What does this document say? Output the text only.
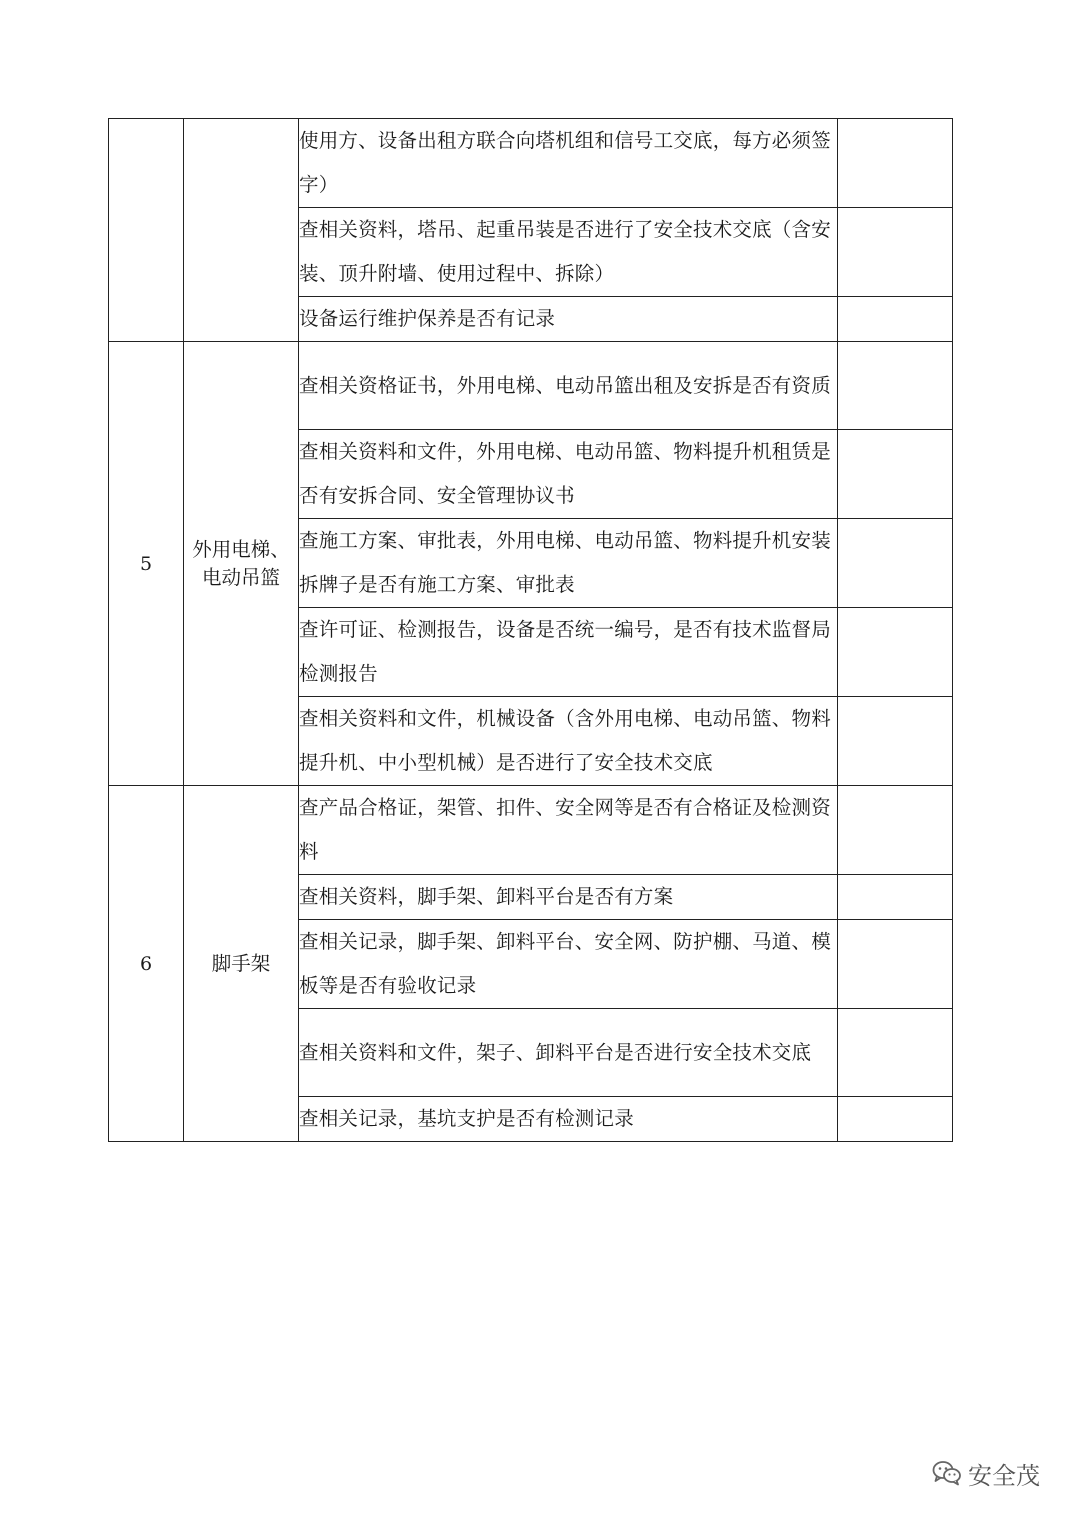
		使用方、设备出租方联合向塔机组和信号工交底，每方必须签字）	
		查相关资料，塔吊、起重吊装是否进行了安全技术交底（含安装、顶升附墙、使用过程中、拆除）	
		设备运行维护保养是否有记录	
5	外用电梯、电动吊篮	查相关资格证书，外用电梯、电动吊篮出租及安拆是否有资质	
		查相关资料和文件，外用电梯、电动吊篮、物料提升机租赁是否有安拆合同、安全管理协议书	
		查施工方案、审批表，外用电梯、电动吊篮、物料提升机安装拆牌子是否有施工方案、审批表	
		查许可证、检测报告，设备是否统一编号，是否有技术监督局检测报告	
		查相关资料和文件，机械设备（含外用电梯、电动吊篮、物料提升机、中小型机械）是否进行了安全技术交底	
6	脚手架	查产品合格证，架管、扣件、安全网等是否有合格证及检测资料	
		查相关资料，脚手架、卸料平台是否有方案	
		查相关记录，脚手架、卸料平台、安全网、防护棚、马道、模板等是否有验收记录	
		查相关资料和文件，架子、卸料平台是否进行安全技术交底	
		查相关记录，基坑支护是否有检测记录	
安全茂
